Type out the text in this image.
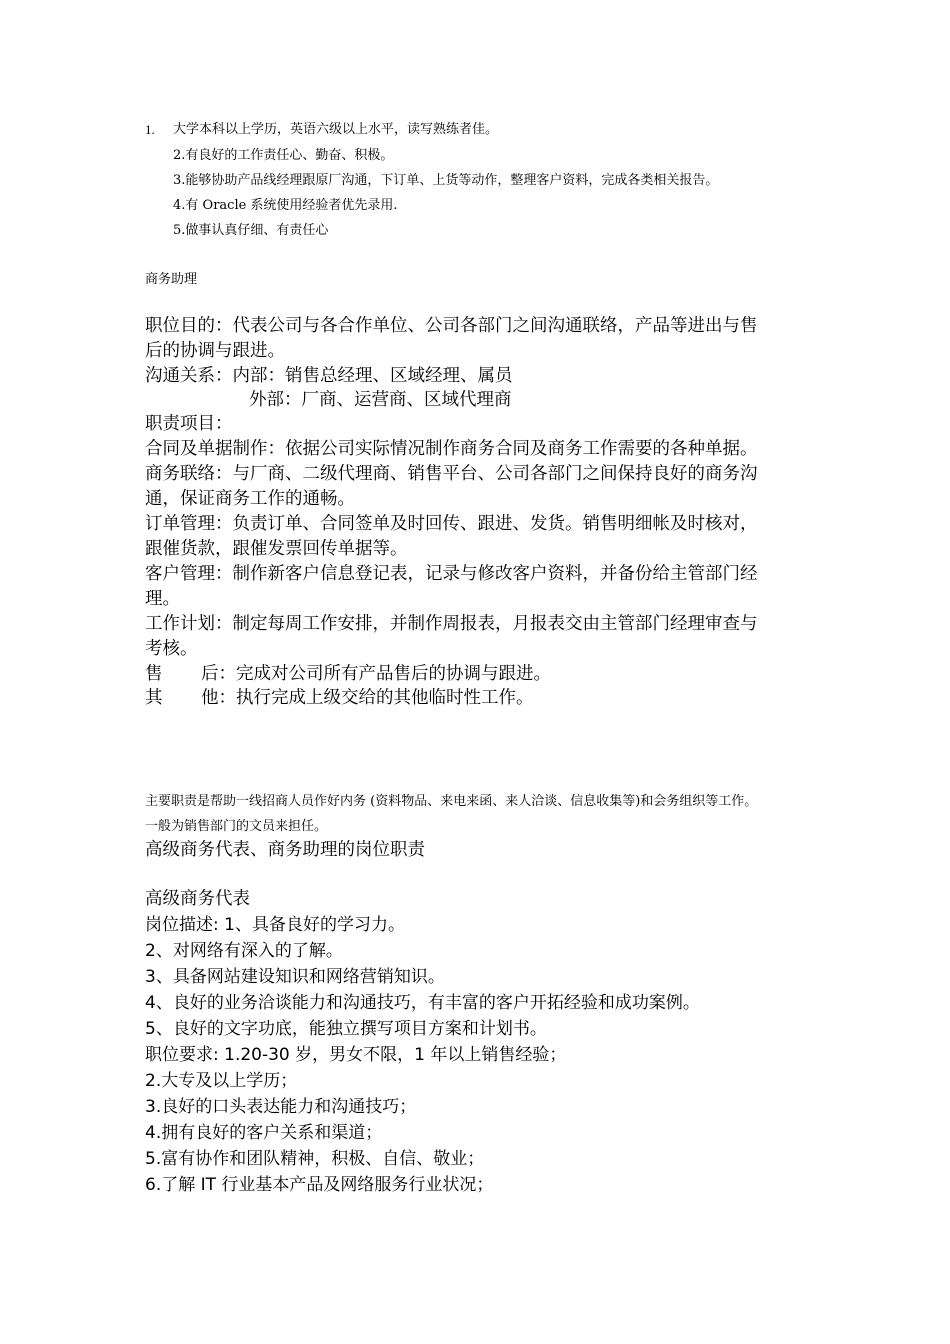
1. 大学本科以上学历，英语六级以上水平，读写熟练者佳。
2.有良好的工作责任心、勤奋、积极。
3.能够协助产品线经理跟原厂沟通，下订单、上货等动作，整理客户资料，完成各类相关报告。
4.有 Oracle 系统使用经验者优先录用.
5.做事认真仔细、有责任心
商务助理
职位目的：代表公司与各合作单位、公司各部门之间沟通联络，产品等进出与售
后的协调与跟进。
沟通关系：内部：销售总经理、区域经理、属员
外部：厂商、运营商、区域代理商
职责项目：
合同及单据制作：依据公司实际情况制作商务合同及商务工作需要的各种单据。
商务联络：与厂商、二级代理商、销售平台、公司各部门之间保持良好的商务沟
通，保证商务工作的通畅。
订单管理：负责订单、合同签单及时回传、跟进、发货。销售明细帐及时核对，
跟催货款，跟催发票回传单据等。
客户管理：制作新客户信息登记表，记录与修改客户资料，并备份给主管部门经
理。
工作计划：制定每周工作安排，并制作周报表，月报表交由主管部门经理审查与
考核。
售 后：完成对公司所有产品售后的协调与跟进。
其 他：执行完成上级交给的其他临时性工作。
主要职责是帮助一线招商人员作好内务 (资料物品、来电来函、来人洽谈、信息收集等)和会务组织等工作。
一般为销售部门的文员来担任。
高级商务代表、商务助理的岗位职责
高级商务代表
岗位描述: 1、具备良好的学习力。
2、对网络有深入的了解。
3、具备网站建设知识和网络营销知识。
4、良好的业务洽谈能力和沟通技巧，有丰富的客户开拓经验和成功案例。
5、良好的文字功底，能独立撰写项目方案和计划书。
职位要求: 1.20-30 岁，男女不限，1 年以上销售经验；
2.大专及以上学历；
3.良好的口头表达能力和沟通技巧；
4.拥有良好的客户关系和渠道；
5.富有协作和团队精神，积极、自信、敬业；
6.了解 IT 行业基本产品及网络服务行业状况；
